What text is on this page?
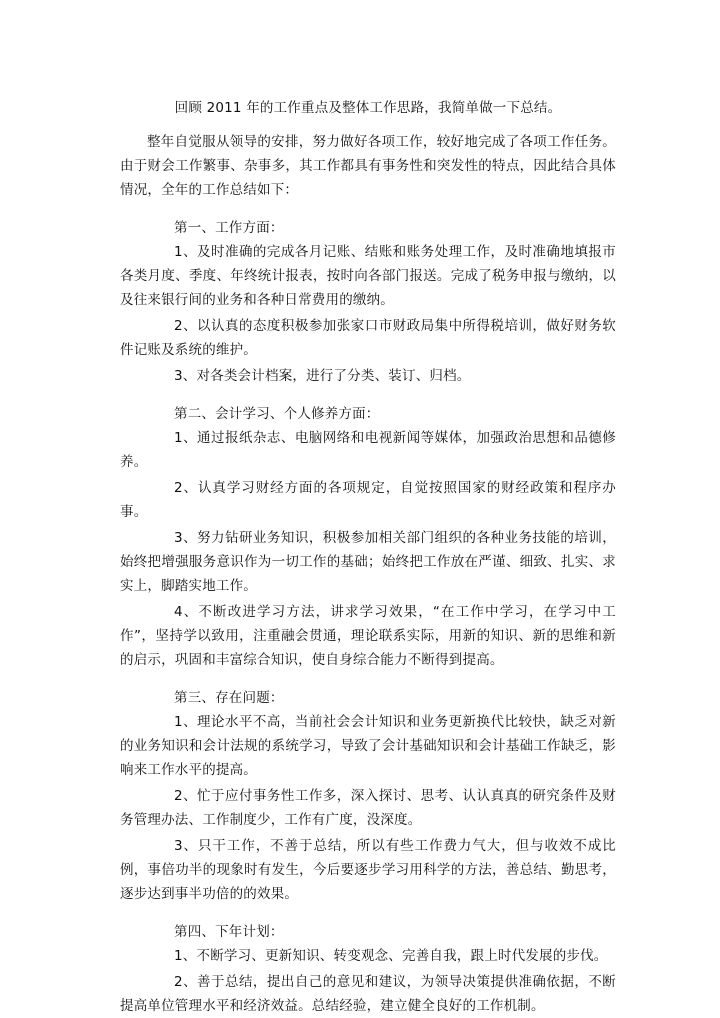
回顾 2011 年的工作重点及整体工作思路，我简单做一下总结。

整年自觉服从领导的安排，努力做好各项工作，较好地完成了各项工作任务。由于财会工作繁事、杂事多，其工作都具有事务性和突发性的特点，因此结合具体情况，全年的工作总结如下：

第一、工作方面：

1、及时准确的完成各月记账、结账和账务处理工作，及时准确地填报市各类月度、季度、年终统计报表，按时向各部门报送。完成了税务申报与缴纳，以及往来银行间的业务和各种日常费用的缴纳。

2、以认真的态度积极参加张家口市财政局集中所得税培训，做好财务软件记账及系统的维护。

3、对各类会计档案，进行了分类、装订、归档。

第二、会计学习、个人修养方面：

1、通过报纸杂志、电脑网络和电视新闻等媒体，加强政治思想和品德修养。

2、认真学习财经方面的各项规定，自觉按照国家的财经政策和程序办事。

3、努力钻研业务知识，积极参加相关部门组织的各种业务技能的培训，始终把增强服务意识作为一切工作的基础；始终把工作放在严谨、细致、扎实、求实上，脚踏实地工作。

4、不断改进学习方法，讲求学习效果，“在工作中学习，在学习中工作”，坚持学以致用，注重融会贯通，理论联系实际，用新的知识、新的思维和新的启示，巩固和丰富综合知识，使自身综合能力不断得到提高。

第三、存在问题：

1、理论水平不高，当前社会会计知识和业务更新换代比较快，缺乏对新的业务知识和会计法规的系统学习，导致了会计基础知识和会计基础工作缺乏，影响来工作水平的提高。

2、忙于应付事务性工作多，深入探讨、思考、认认真真的研究条件及财务管理办法、工作制度少，工作有广度，没深度。

3、只干工作，不善于总结，所以有些工作费力气大，但与收效不成比例，事倍功半的现象时有发生，今后要逐步学习用科学的方法，善总结、勤思考，逐步达到事半功倍的的效果。

第四、下年计划：

1、不断学习、更新知识、转变观念、完善自我，跟上时代发展的步伐。

2、善于总结，提出自己的意见和建议，为领导决策提供准确依据，不断提高单位管理水平和经济效益。总结经验，建立健全良好的工作机制。
